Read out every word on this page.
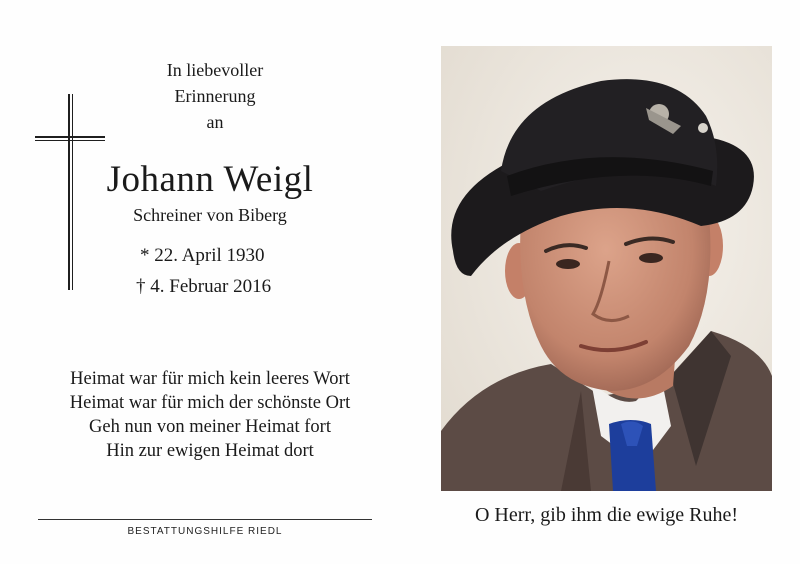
In liebevoller
Erinnerung
an
Johann Weigl
Schreiner von Biberg
* 22. April 1930
† 4. Februar 2016
Heimat war für mich kein leeres Wort
Heimat war für mich der schönste Ort
Geh nun von meiner Heimat fort
Hin zur ewigen Heimat dort
BESTATTUNGSHILFE RIEDL
O Herr, gib ihm die ewige Ruhe!
